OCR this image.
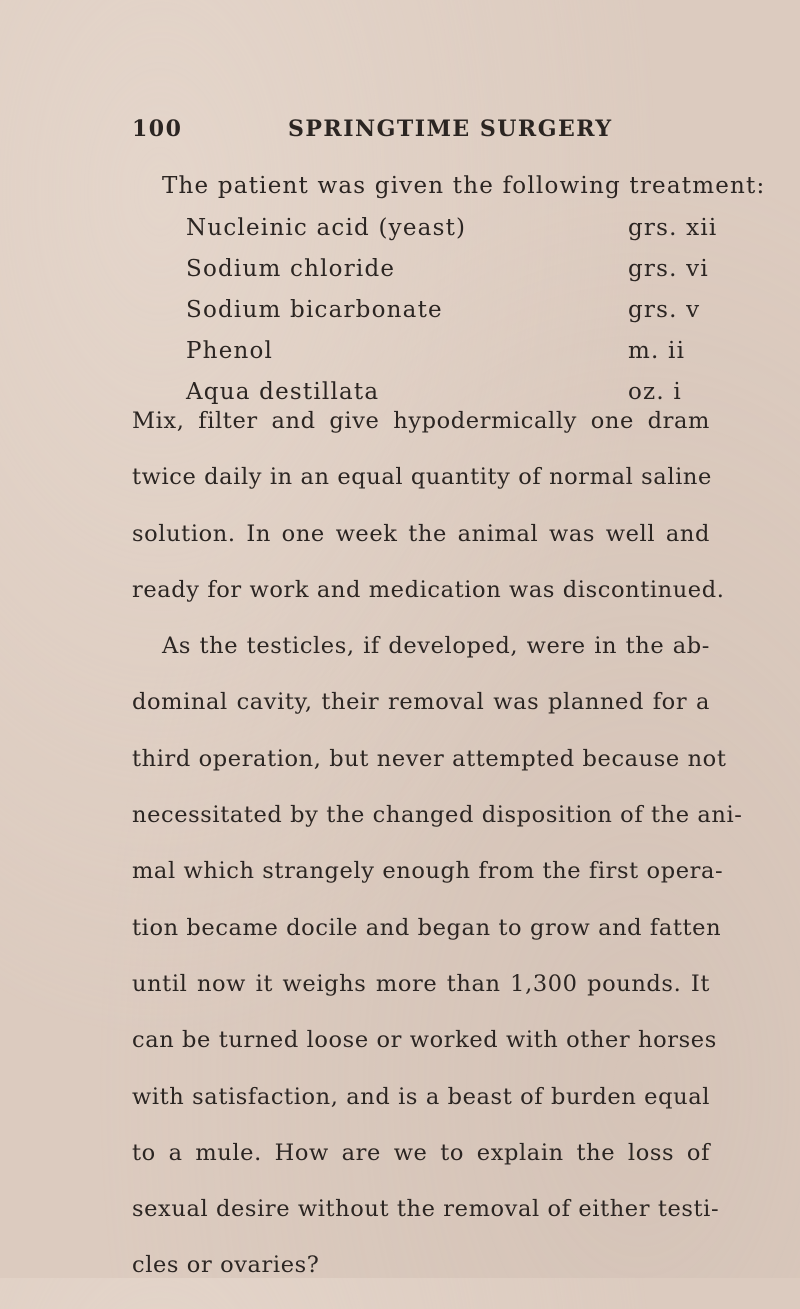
100	SPRINGTIME SURGERY
The patient was given the following treatment:
Nucleinic acid (yeast)	grs. xii
Sodium chloride	grs. vi
Sodium bicarbonate	grs. v
Phenol	m. ii
Aqua destillata	oz. i
Mix, filter and give hypodermically one dram
twice daily in an equal quantity of normal saline
solution. In one week the animal was well and
ready for work and medication was discontinued.
As the testicles, if developed, were in the ab-
dominal cavity, their removal was planned for a
third operation, but never attempted because not
necessitated by the changed disposition of the ani-
mal which strangely enough from the first opera-
tion became docile and began to grow and fatten
until now it weighs more than 1,300 pounds. It
can be turned loose or worked with other horses
with satisfaction, and is a beast of burden equal
to a mule. How are we to explain the loss of
sexual desire without the removal of either testi-
cles or ovaries?
